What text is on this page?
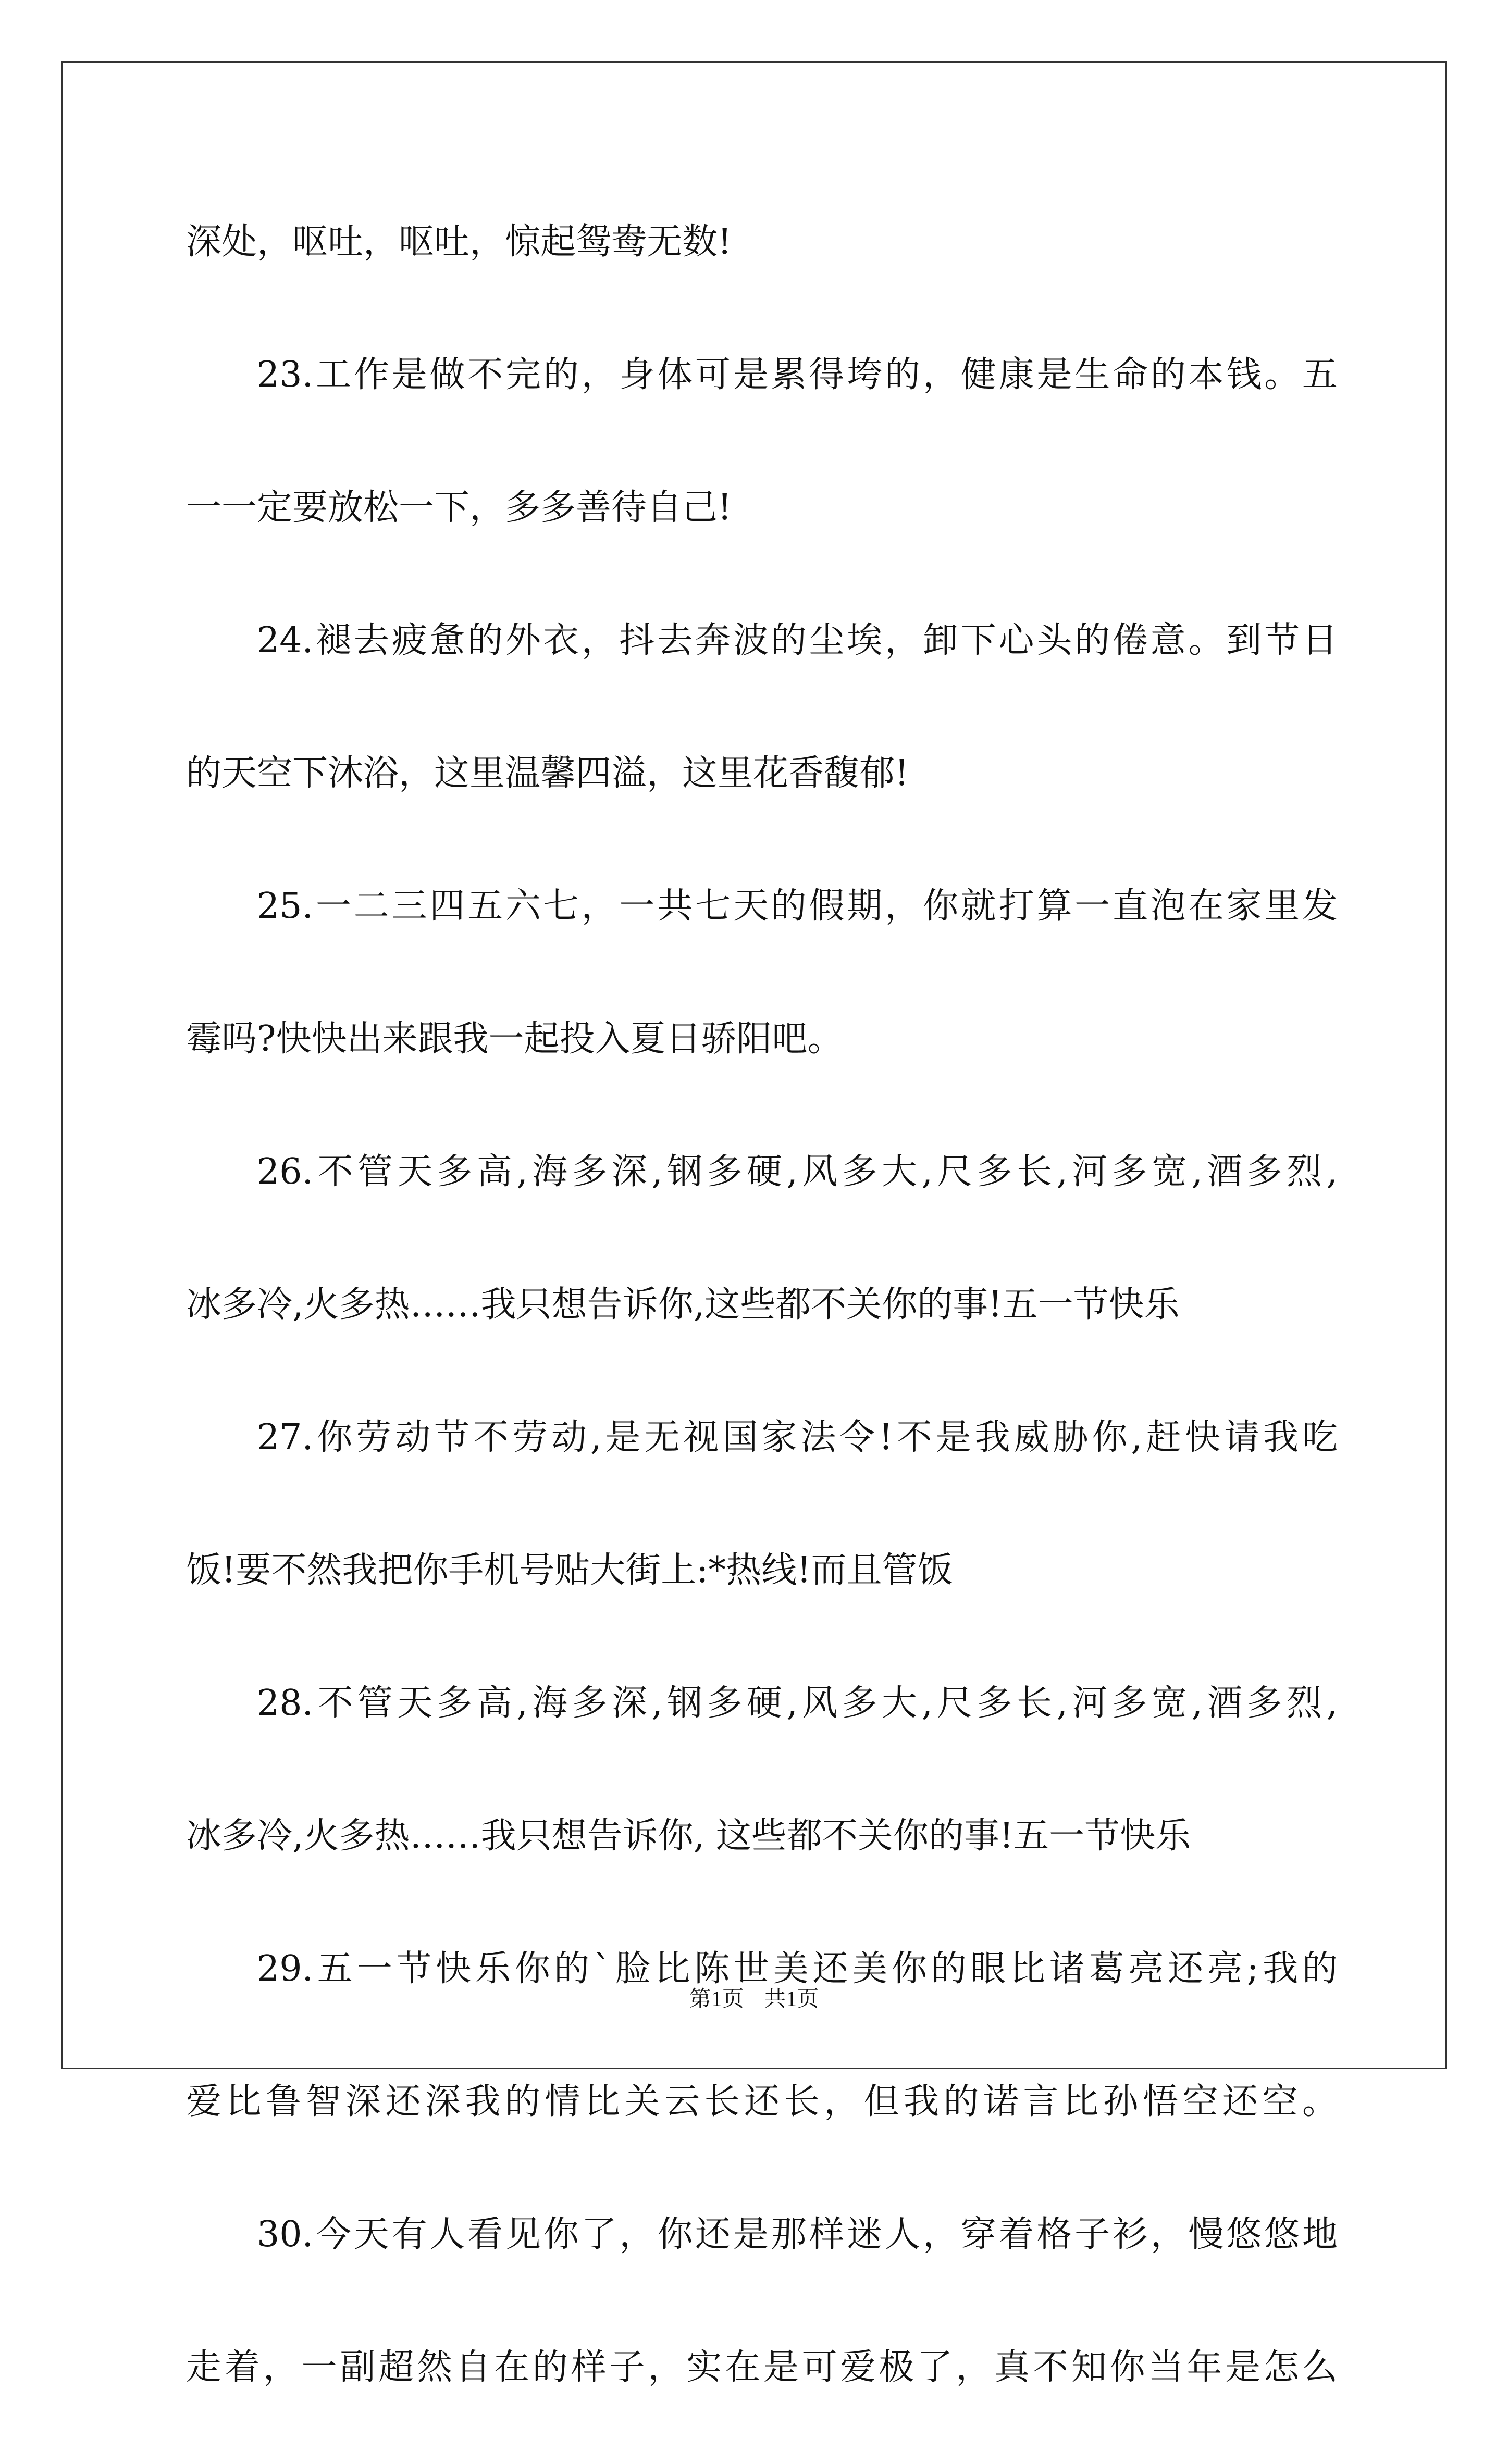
深处，呕吐，呕吐，惊起鸳鸯无数!
23.工作是做不完的，身体可是累得垮的，健康是生命的本钱。五
一一定要放松一下，多多善待自己!
24.褪去疲惫的外衣，抖去奔波的尘埃，卸下心头的倦意。到节日
的天空下沐浴，这里温馨四溢，这里花香馥郁!
25.一二三四五六七，一共七天的假期，你就打算一直泡在家里发
霉吗?快快出来跟我一起投入夏日骄阳吧。
26.不管天多高,海多深,钢多硬,风多大,尺多长,河多宽,酒多烈,
冰多冷,火多热……我只想告诉你,这些都不关你的事!五一节快乐
27.你劳动节不劳动,是无视国家法令!不是我威胁你,赶快请我吃
饭!要不然我把你手机号贴大街上:*热线!而且管饭
28.不管天多高,海多深,钢多硬,风多大,尺多长,河多宽,酒多烈,
冰多冷,火多热……我只想告诉你, 这些都不关你的事!五一节快乐
29.五一节快乐你的`脸比陈世美还美你的眼比诸葛亮还亮;我的
爱比鲁智深还深我的情比关云长还长，但我的诺言比孙悟空还空。
30.今天有人看见你了，你还是那样迷人，穿着格子衫，慢悠悠地
走着，一副超然自在的样子，实在是可爱极了，真不知你当年是怎么
第1页 共1页
